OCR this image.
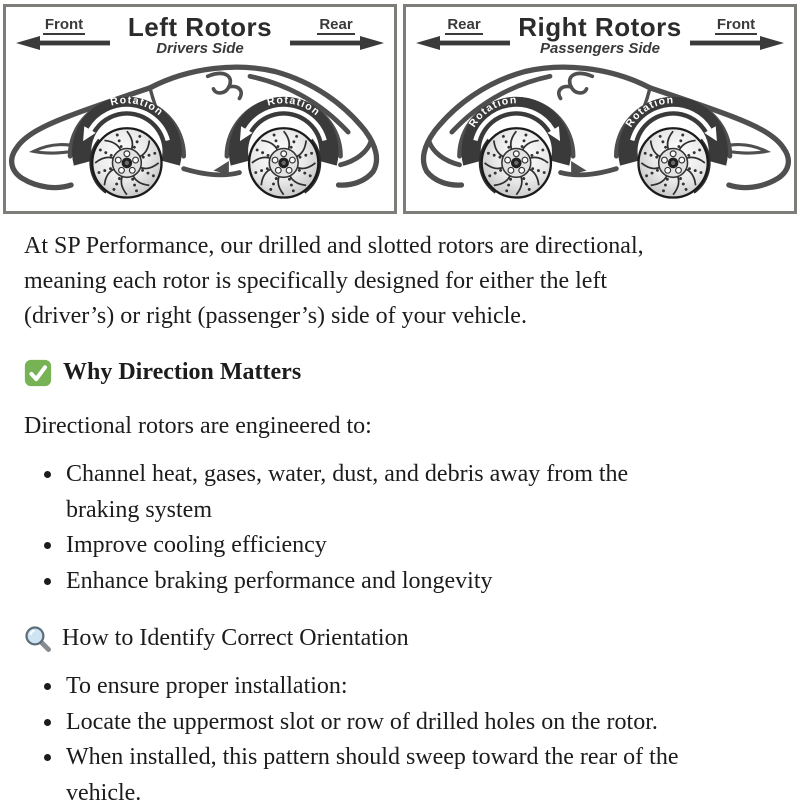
Front	Left Rotors
Drivers Side
Rear
Rotation
Rotation
Rear Right Rotors
Passengers Side
Front
Rotation
Rotation
At SP Performance, our drilled and slotted rotors are directional,
meaning each rotor is specifically designed for either the left
(driver’s) or right (passenger’s) side of your vehicle.
Why Direction Matters
Directional rotors are engineered to:
• Channel heat, gases, water, dust, and debris away from the
braking system
• Improve cooling efficiency
• Enhance braking performance and longevity
How to Identify Correct Orientation
• To ensure proper installation:
• Locate the uppermost slot or row of drilled holes on the rotor.
• When installed, this pattern should sweep toward the rear of the
vehicle.
